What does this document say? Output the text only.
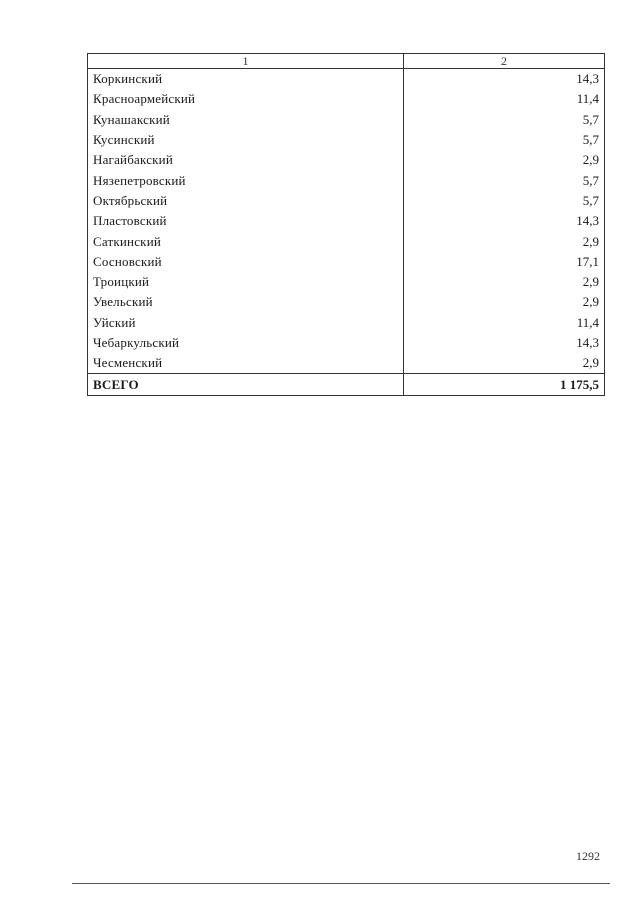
1	2
Коркинский	14,3
Красноармейский	11,4
Кунашакский	5,7
Кусинский	5,7
Нагайбакский	2,9
Нязепетровский	5,7
Октябрьский	5,7
Пластовский	14,3
Саткинский	2,9
Сосновский	17,1
Троицкий	2,9
Увельский	2,9
Уйский	11,4
Чебаркульский	14,3
Чесменский	2,9
ВСЕГО	1 175,5
1292
